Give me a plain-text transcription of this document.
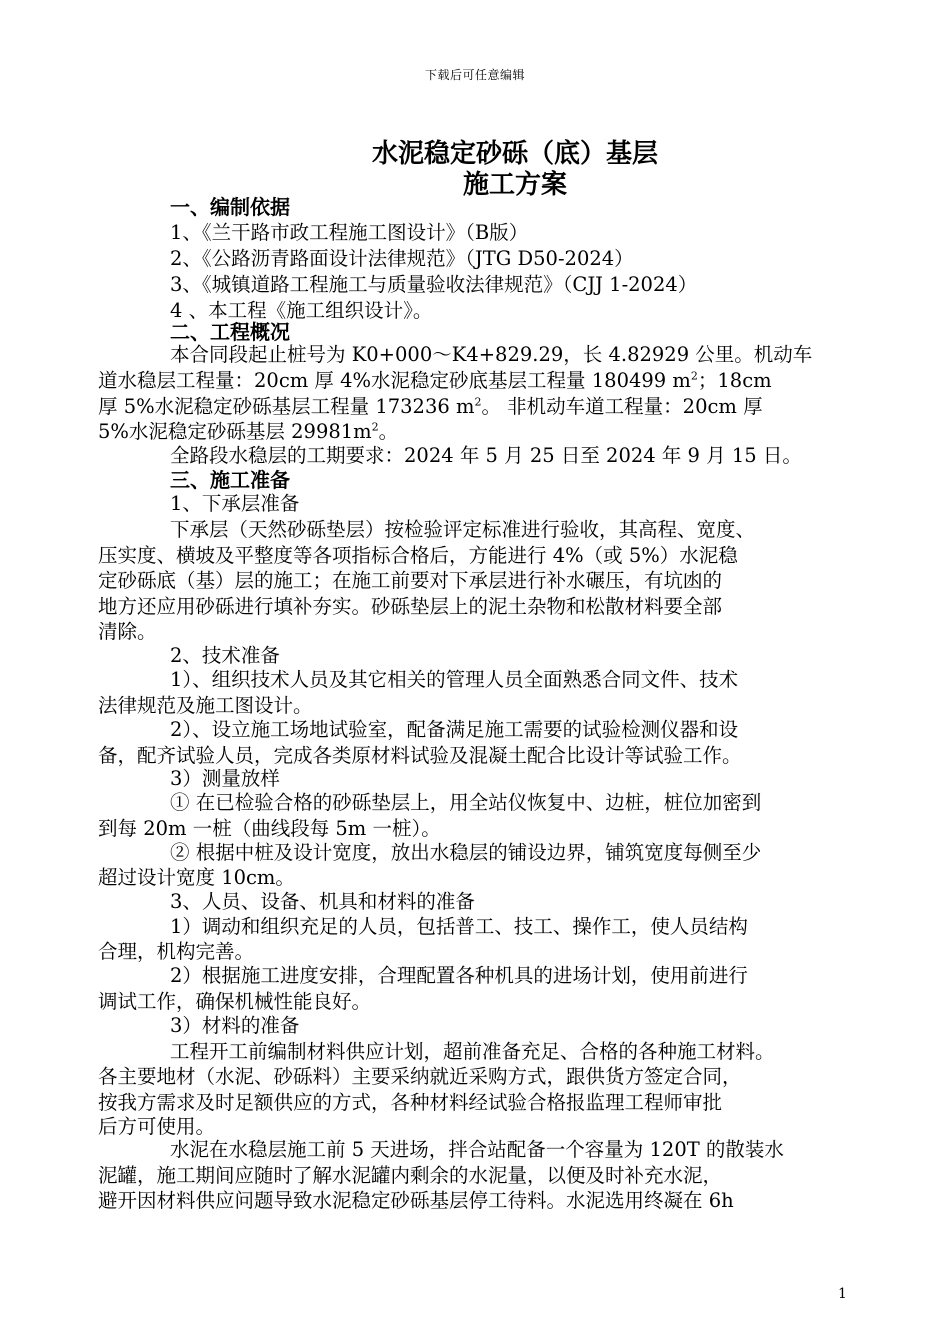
下载后可任意编辑
水泥稳定砂砾（底）基层
施工方案
一、编制依据
1、《兰干路市政工程施工图设计》（B版）
2、《公路沥青路面设计法律规范》（JTG D50-2024）
3、《城镇道路工程施工与质量验收法律规范》（CJJ 1-2024）
4 、本工程《施工组织设计》。
二、工程概况
本合同段起止桩号为 K0+000～K4+829.29，长 4.82929 公里。机动车
道水稳层工程量：20cm 厚 4%水泥稳定砂底基层工程量 180499 $m^2$；18cm
厚 5%水泥稳定砂砾基层工程量 173236 $m^2$。 非机动车道工程量：20cm 厚
5%水泥稳定砂砾基层 $29981m^2$。
全路段水稳层的工期要求：2024 年 5 月 25 日至 2024 年 9 月 15 日。
三、施工准备
1、下承层准备
下承层（天然砂砾垫层）按检验评定标准进行验收，其高程、宽度、
压实度、横坡及平整度等各项指标合格后，方能进行 4%（或 5%）水泥稳
定砂砾底（基）层的施工；在施工前要对下承层进行补水碾压，有坑凼的
地方还应用砂砾进行填补夯实。砂砾垫层上的泥土杂物和松散材料要全部
清除。
2、技术准备
1）、组织技术人员及其它相关的管理人员全面熟悉合同文件、技术
法律规范及施工图设计。
2）、设立施工场地试验室，配备满足施工需要的试验检测仪器和设
备，配齐试验人员，完成各类原材料试验及混凝土配合比设计等试验工作。
3）测量放样
① 在已检验合格的砂砾垫层上，用全站仪恢复中、边桩，桩位加密到
到每 20m 一桩（曲线段每 5m 一桩）。
② 根据中桩及设计宽度，放出水稳层的铺设边界，铺筑宽度每侧至少
超过设计宽度 10cm。
3、人员、设备、机具和材料的准备
1）调动和组织充足的人员，包括普工、技工、操作工，使人员结构
合理，机构完善。
2）根据施工进度安排，合理配置各种机具的进场计划，使用前进行
调试工作，确保机械性能良好。
3）材料的准备
工程开工前编制材料供应计划，超前准备充足、合格的各种施工材料。
各主要地材（水泥、砂砾料）主要采纳就近采购方式，跟供货方签定合同，
按我方需求及时足额供应的方式，各种材料经试验合格报监理工程师审批
后方可使用。
水泥在水稳层施工前 5 天进场，拌合站配备一个容量为 120T 的散装水
泥罐，施工期间应随时了解水泥罐内剩余的水泥量，以便及时补充水泥，
避开因材料供应问题导致水泥稳定砂砾基层停工待料。水泥选用终凝在 6h
1
